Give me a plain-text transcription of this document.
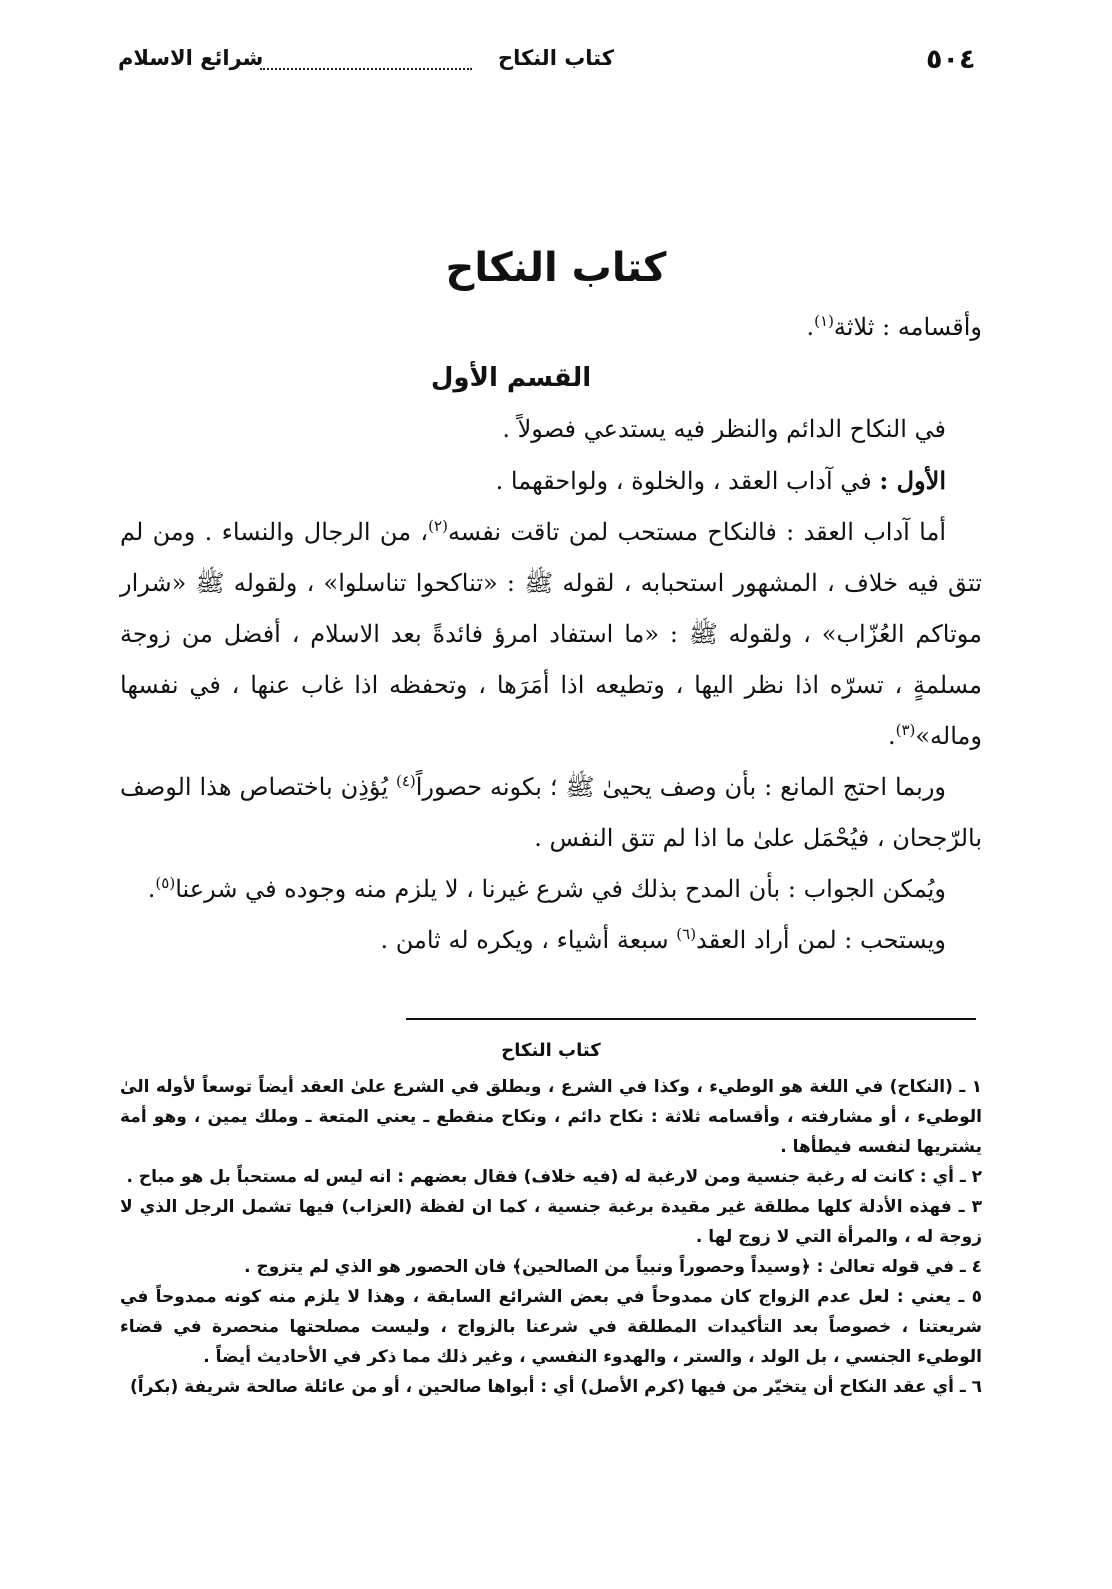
٥٠٤
كتاب النكاح
شرائع الاسلام
كتاب النكاح

وأقسامه : ثلاثة$^{(١)}$.

القسم الأول

في النكاح الدائم والنظر فيه يستدعي فصولاً .

الأول : في آداب العقد ، والخلوة ، ولواحقهما .

أما آداب العقد : فالنكاح مستحب لمن تاقت نفسه$^{(٢)}$، من الرجال والنساء . ومن لم تتق فيه خلاف ، المشهور استحبابه ، لقوله ﷺ : «تناكحوا تناسلوا» ، ولقوله ﷺ «شرار موتاكم العُزّاب» ، ولقوله ﷺ : «ما استفاد امرؤ فائدةً بعد الاسلام ، أفضل من زوجة مسلمةٍ ، تسرّه اذا نظر اليها ، وتطيعه اذا أمَرَها ، وتحفظه اذا غاب عنها ، في نفسها وماله»$^{(٣)}$.

وربما احتج المانع : بأن وصف يحيىٰ ﷺ ؛ بكونه حصوراً$^{(٤)}$ يُؤذِن باختصاص هذا الوصف بالرّجحان ، فيُحْمَل علىٰ ما اذا لم تتق النفس .

ويُمكن الجواب : بأن المدح بذلك في شرع غيرنا ، لا يلزم منه وجوده في شرعنا$^{(٥)}$.

ويستحب : لمن أراد العقد$^{(٦)}$ سبعة أشياء ، ويكره له ثامن .

كتاب النكاح

١ ـ (النكاح) في اللغة هو الوطيء ، وكذا في الشرع ، ويطلق في الشرع علىٰ العقد أيضاً توسعاً لأوله الىٰ الوطيء ، أو مشارفته ، وأقسامه ثلاثة : نكاح دائم ، ونكاح منقطع ـ يعني المتعة ـ وملك يمين ، وهو أمة يشتريها لنفسه فيطأها .

٢ ـ أي : كانت له رغبة جنسية ومن لارغبة له (فيه خلاف) فقال بعضهم : انه ليس له مستحباً بل هو مباح .

٣ ـ فهذه الأدلة كلها مطلقة غير مقيدة برغبة جنسية ، كما ان لفظة (العزاب) فيها تشمل الرجل الذي لا زوجة له ، والمرأة التي لا زوج لها .

٤ ـ في قوله تعالىٰ : ﴿وسيداً وحصوراً ونبياً من الصالحين﴾ فان الحصور هو الذي لم يتزوج .

٥ ـ يعني : لعل عدم الزواج كان ممدوحاً في بعض الشرائع السابقة ، وهذا لا يلزم منه كونه ممدوحاً في شريعتنا ، خصوصاً بعد التأكيدات المطلقة في شرعنا بالزواج ، وليست مصلحتها منحصرة في قضاء الوطيء الجنسي ، بل الولد ، والستر ، والهدوء النفسي ، وغير ذلك مما ذكر في الأحاديث أيضاً .

٦ ـ أي عقد النكاح أن يتخيّر من فيها (كرم الأصل) أي : أبواها صالحين ، أو من عائلة صالحة شريفة (بكراً)
